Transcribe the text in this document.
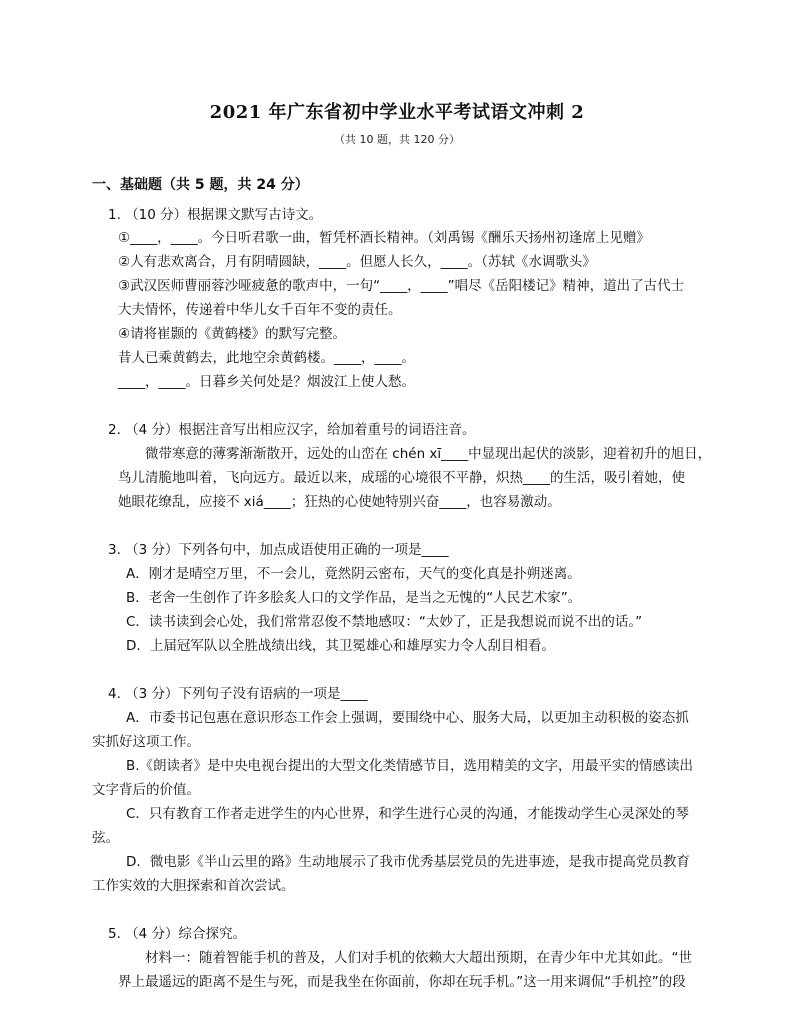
2021 年广东省初中学业水平考试语文冲刺 2
（共 10 题，共 120 分）
一、基础题（共 5 题，共 24 分）
1. （10 分）根据课文默写古诗文。
①____，____。今日听君歌一曲，暂凭杯酒长精神。（刘禹锡《酬乐天扬州初逢席上见赠》
②人有悲欢离合，月有阴晴圆缺，____。但愿人长久，____。（苏轼《水调歌头》
③武汉医师曹丽蓉沙哑疲惫的歌声中，一句“____，____”唱尽《岳阳楼记》精神，道出了古代士
大夫情怀，传递着中华儿女千百年不变的责任。
④请将崔颢的《黄鹤楼》的默写完整。
昔人已乘黄鹤去，此地空余黄鹤楼。____，____。
____，____。日暮乡关何处是？烟波江上使人愁。
2. （4 分）根据注音写出相应汉字，给加着重号的词语注音。
微带寒意的薄雾渐渐散开，远处的山峦在 chén xī____中显现出起伏的淡影，迎着初升的旭日，
鸟儿清脆地叫着，飞向远方。最近以来，成瑶的心境很不平静，炽热____的生活，吸引着她，使
她眼花缭乱，应接不 xiá____；狂热的心使她特别兴奋____，也容易激动。
3. （3 分）下列各句中，加点成语使用正确的一项是____
A．刚才是晴空万里，不一会儿，竟然阴云密布，天气的变化真是扑朔迷离。
B．老舍一生创作了许多脍炙人口的文学作品，是当之无愧的“人民艺术家”。
C．读书读到会心处，我们常常忍俊不禁地感叹：“太妙了，正是我想说而说不出的话。”
D．上届冠军队以全胜战绩出线，其卫冕雄心和雄厚实力令人刮目相看。
4. （3 分）下列句子没有语病的一项是____
A．市委书记包惠在意识形态工作会上强调，要围绕中心、服务大局，以更加主动积极的姿态抓
实抓好这项工作。
B.《朗读者》是中央电视台提出的大型文化类情感节目，选用精美的文字，用最平实的情感读出
文字背后的价值。
C．只有教育工作者走进学生的内心世界，和学生进行心灵的沟通，才能拨动学生心灵深处的琴
弦。
D．微电影《半山云里的路》生动地展示了我市优秀基层党员的先进事迹，是我市提高党员教育
工作实效的大胆探索和首次尝试。
5. （4 分）综合探究。
材料一：随着智能手机的普及，人们对手机的依赖大大超出预期，在青少年中尤其如此。“世
界上最遥远的距离不是生与死，而是我坐在你面前，你却在玩手机。”这一用来调侃“手机控”的段
